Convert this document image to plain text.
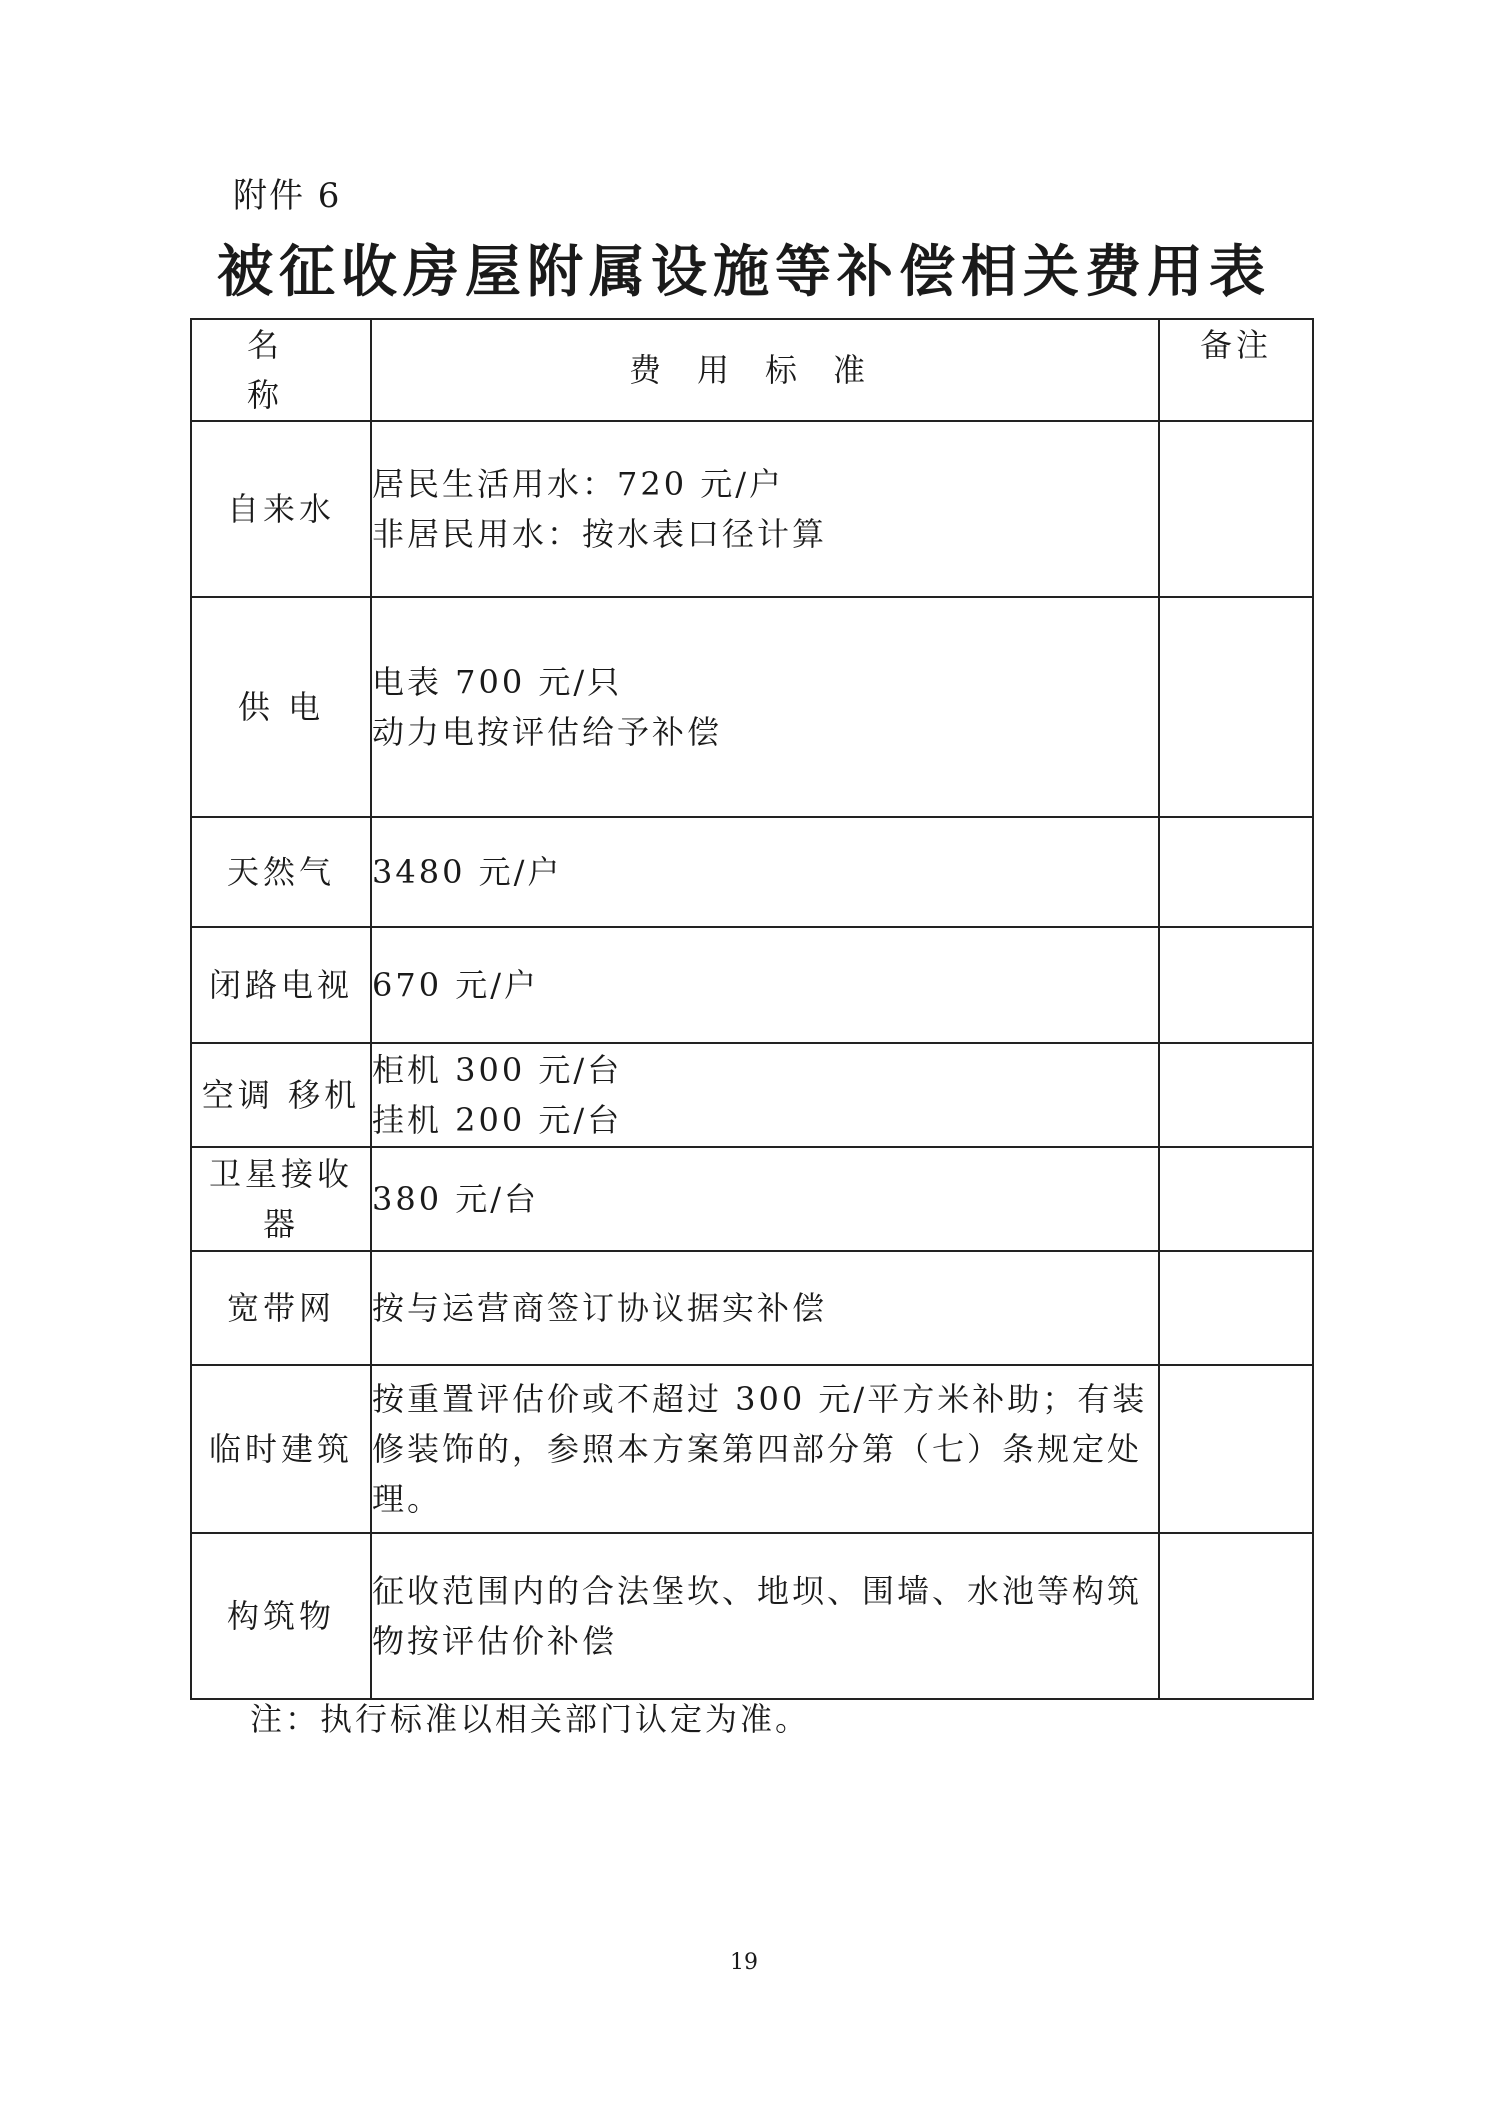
附件 6
被征收房屋附属设施等补偿相关费用表
名 称	费用标准	备注
自来水	居民生活用水：720 元/户
非居民用水：按水表口径计算	

供 电	电表 700 元/只
动力电按评估给予补偿	

天然气	3480 元/户	

闭路电视	670 元/户	

空调 移机	柜机 300 元/台
挂机 200 元/台	

卫星接收器	380 元/台	

宽带网	按与运营商签订协议据实补偿	

临时建筑	按重置评估价或不超过 300 元/平方米补助；有装修装饰的，参照本方案第四部分第（七）条规定处理。	

构筑物	征收范围内的合法堡坎、地坝、围墙、水池等构筑物按评估价补偿	

注：执行标准以相关部门认定为准。
19
